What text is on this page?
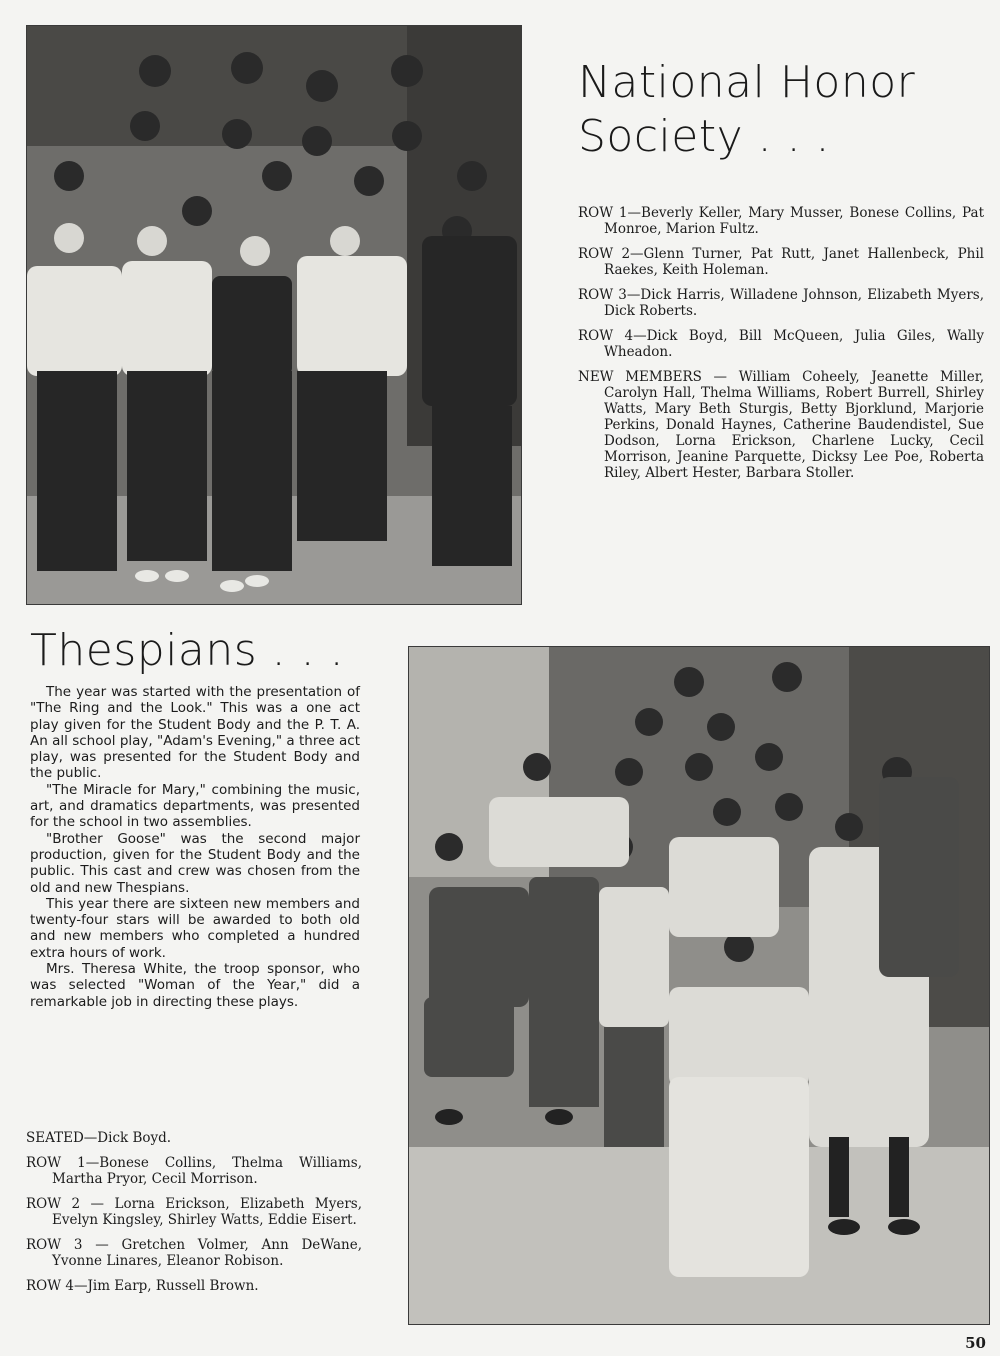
National Honor Society . . .

ROW 1—Beverly Keller, Mary Musser, Bonese Collins, Pat Monroe, Marion Fultz.

ROW 2—Glenn Turner, Pat Rutt, Janet Hallenbeck, Phil Raekes, Keith Holeman.

ROW 3—Dick Harris, Willadene Johnson, Elizabeth Myers, Dick Roberts.

ROW 4—Dick Boyd, Bill McQueen, Julia Giles, Wally Wheadon.

NEW MEMBERS — William Coheely, Jeanette Miller, Carolyn Hall, Thelma Williams, Robert Burrell, Shirley Watts, Mary Beth Sturgis, Betty Bjorklund, Marjorie Perkins, Donald Haynes, Catherine Baudendistel, Sue Dodson, Lorna Erickson, Charlene Lucky, Cecil Morrison, Jeanine Parquette, Dicksy Lee Poe, Roberta Riley, Albert Hester, Barbara Stoller.

Thespians . . .

The year was started with the presentation of "The Ring and the Look." This was a one act play given for the Student Body and the P. T. A. An all school play, "Adam's Evening," a three act play, was presented for the Student Body and the public.

"The Miracle for Mary," combining the music, art, and dramatics departments, was presented for the school in two assemblies.

"Brother Goose" was the second major production, given for the Student Body and the public. This cast and crew was chosen from the old and new Thespians.

This year there are sixteen new members and twenty-four stars will be awarded to both old and new members who completed a hundred extra hours of work.

Mrs. Theresa White, the troop sponsor, who was selected "Woman of the Year," did a remarkable job in directing these plays.

SEATED—Dick Boyd.

ROW 1—Bonese Collins, Thelma Williams, Martha Pryor, Cecil Morrison.

ROW 2 — Lorna Erickson, Elizabeth Myers, Evelyn Kingsley, Shirley Watts, Eddie Eisert.

ROW 3 — Gretchen Volmer, Ann DeWane, Yvonne Linares, Eleanor Robison.

ROW 4—Jim Earp, Russell Brown.

50
